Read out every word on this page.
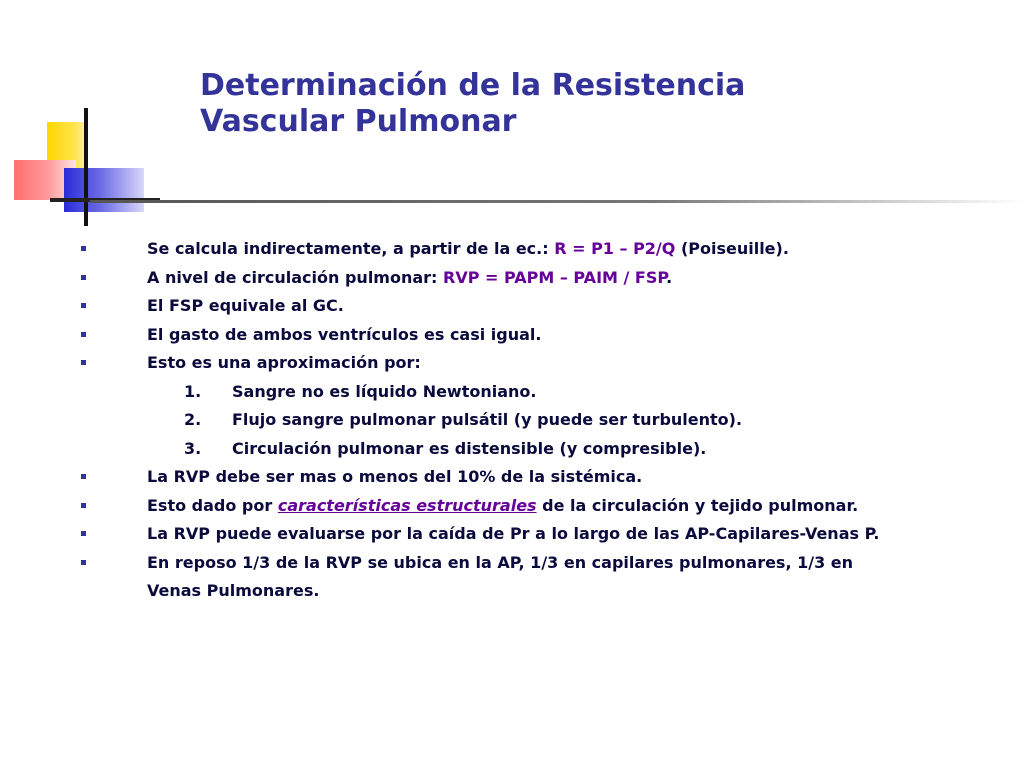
Determinación de la Resistencia
Vascular Pulmonar
Se calcula indirectamente, a partir de la ec.: R = P1 – P2/Q (Poiseuille).
A nivel de circulación pulmonar: RVP = PAPM – PAIM / FSP.
El FSP equivale al GC.
El gasto de ambos ventrículos es casi igual.
Esto es una aproximación por:
1. Sangre no es líquido Newtoniano.
2. Flujo sangre pulmonar pulsátil (y puede ser turbulento).
3. Circulación pulmonar es distensible (y compresible).
La RVP debe ser mas o menos del 10% de la sistémica.
Esto dado por características estructurales de la circulación y tejido pulmonar.
La RVP puede evaluarse por la caída de Pr a lo largo de las AP-Capilares-Venas P.
En reposo 1/3 de la RVP se ubica en la AP, 1/3 en capilares pulmonares, 1/3 en
Venas Pulmonares.
